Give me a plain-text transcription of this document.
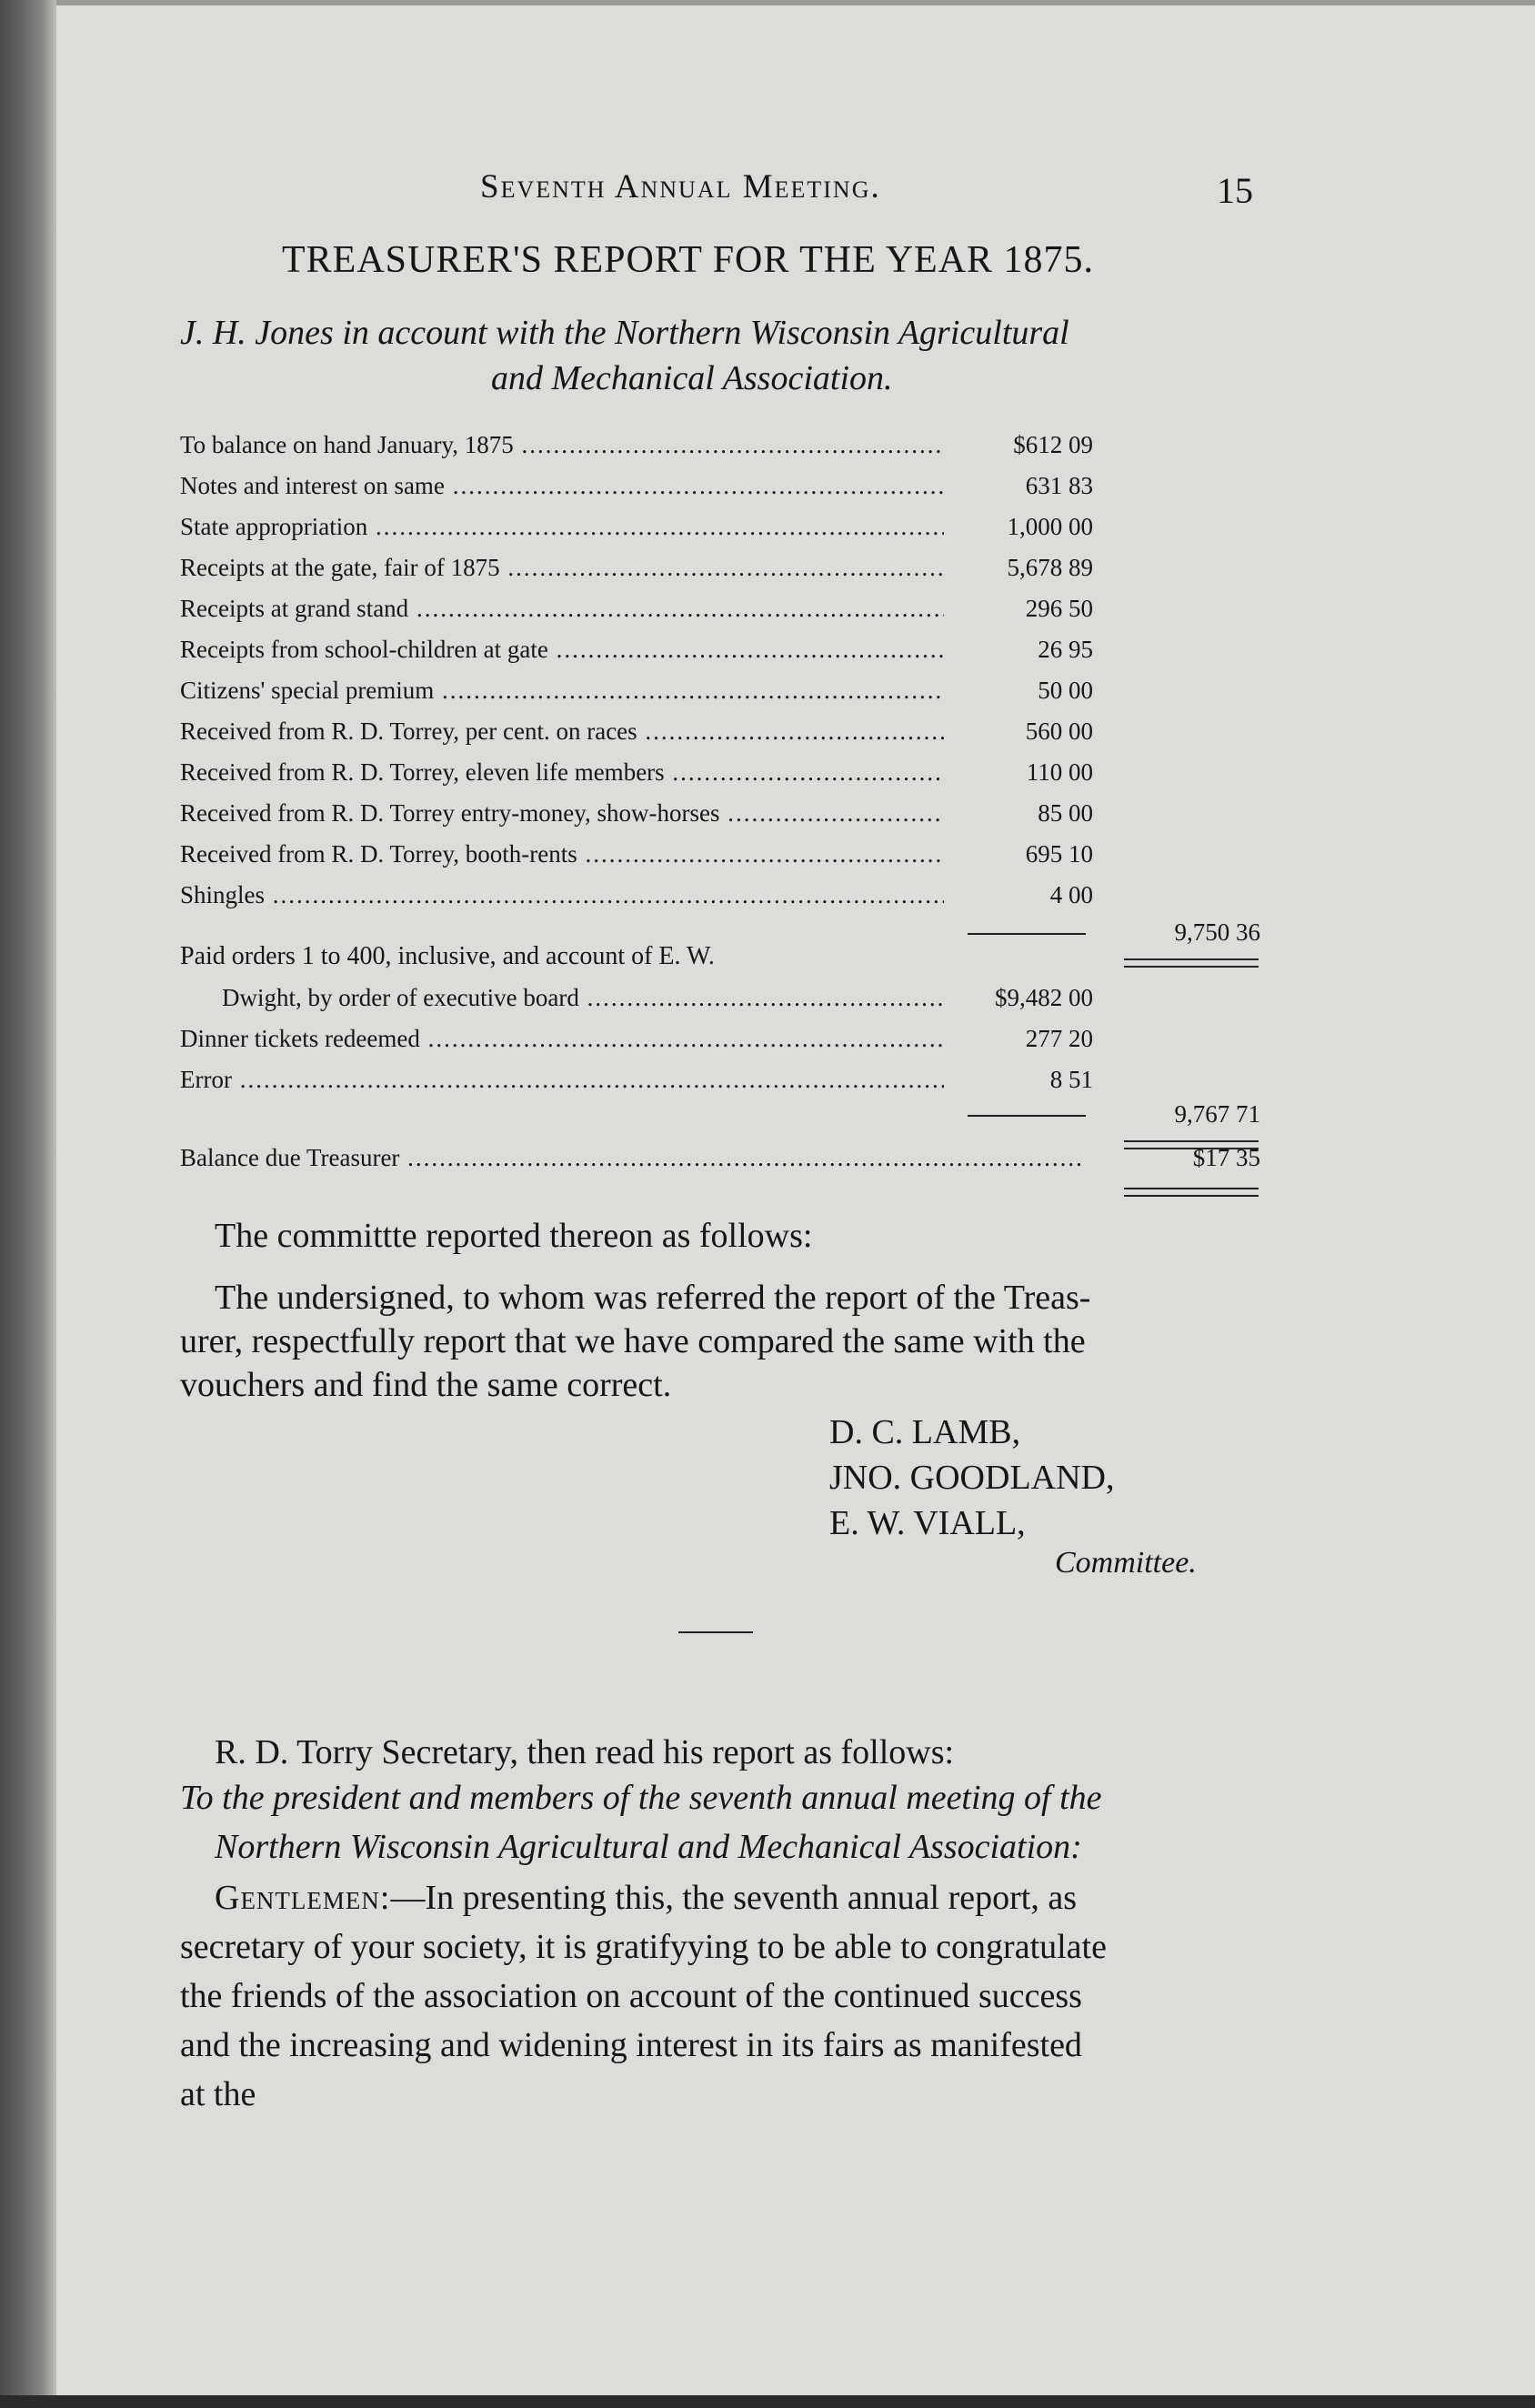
Seventh Annual Meeting.	15
TREASURER'S REPORT FOR THE YEAR 1875.
J. H. Jones in account with the Northern Wisconsin Agricultural
and Mechanical Association.
To balance on hand January, 1875 .....	$612 09
Notes and interest on same .....	631 83
State appropriation .....	1,000 00
Receipts at the gate, fair of 1875 .....	5,678 89
Receipts at grand stand .....	296 50
Receipts from school-children at gate .....	26 95
Citizens' special premium .....	50 00
Received from R. D. Torrey, per cent. on races .....	560 00
Received from R. D. Torrey, eleven life members .....	110 00
Received from R. D. Torrey entry-money, show-horses .....	85 00
Received from R. D. Torrey, booth-rents .....	695 10
Shingles .....	4 00
9,750 36
Paid orders 1 to 400, inclusive, and account of E. W.
Dwight, by order of executive board .....	$9,482 00
Dinner tickets redeemed .....	277 20
Error .....	8 51
9,767 71
Balance due Treasurer .....	$17 35
The committte reported thereon as follows:
The undersigned, to whom was referred the report of the Treas-
urer, respectfully report that we have compared the same with the
vouchers and find the same correct.
D. C. LAMB,
JNO. GOODLAND,
E. W. VIALL,
Committee.
R. D. Torry Secretary, then read his report as follows:
To the president and members of the seventh annual meeting of the
Northern Wisconsin Agricultural and Mechanical Association:
Gentlemen:—In presenting this, the seventh annual report, as
secretary of your society, it is gratifyying to be able to congratulate
the friends of the association on account of the continued success
and the increasing and widening interest in its fairs as manifested
at the
